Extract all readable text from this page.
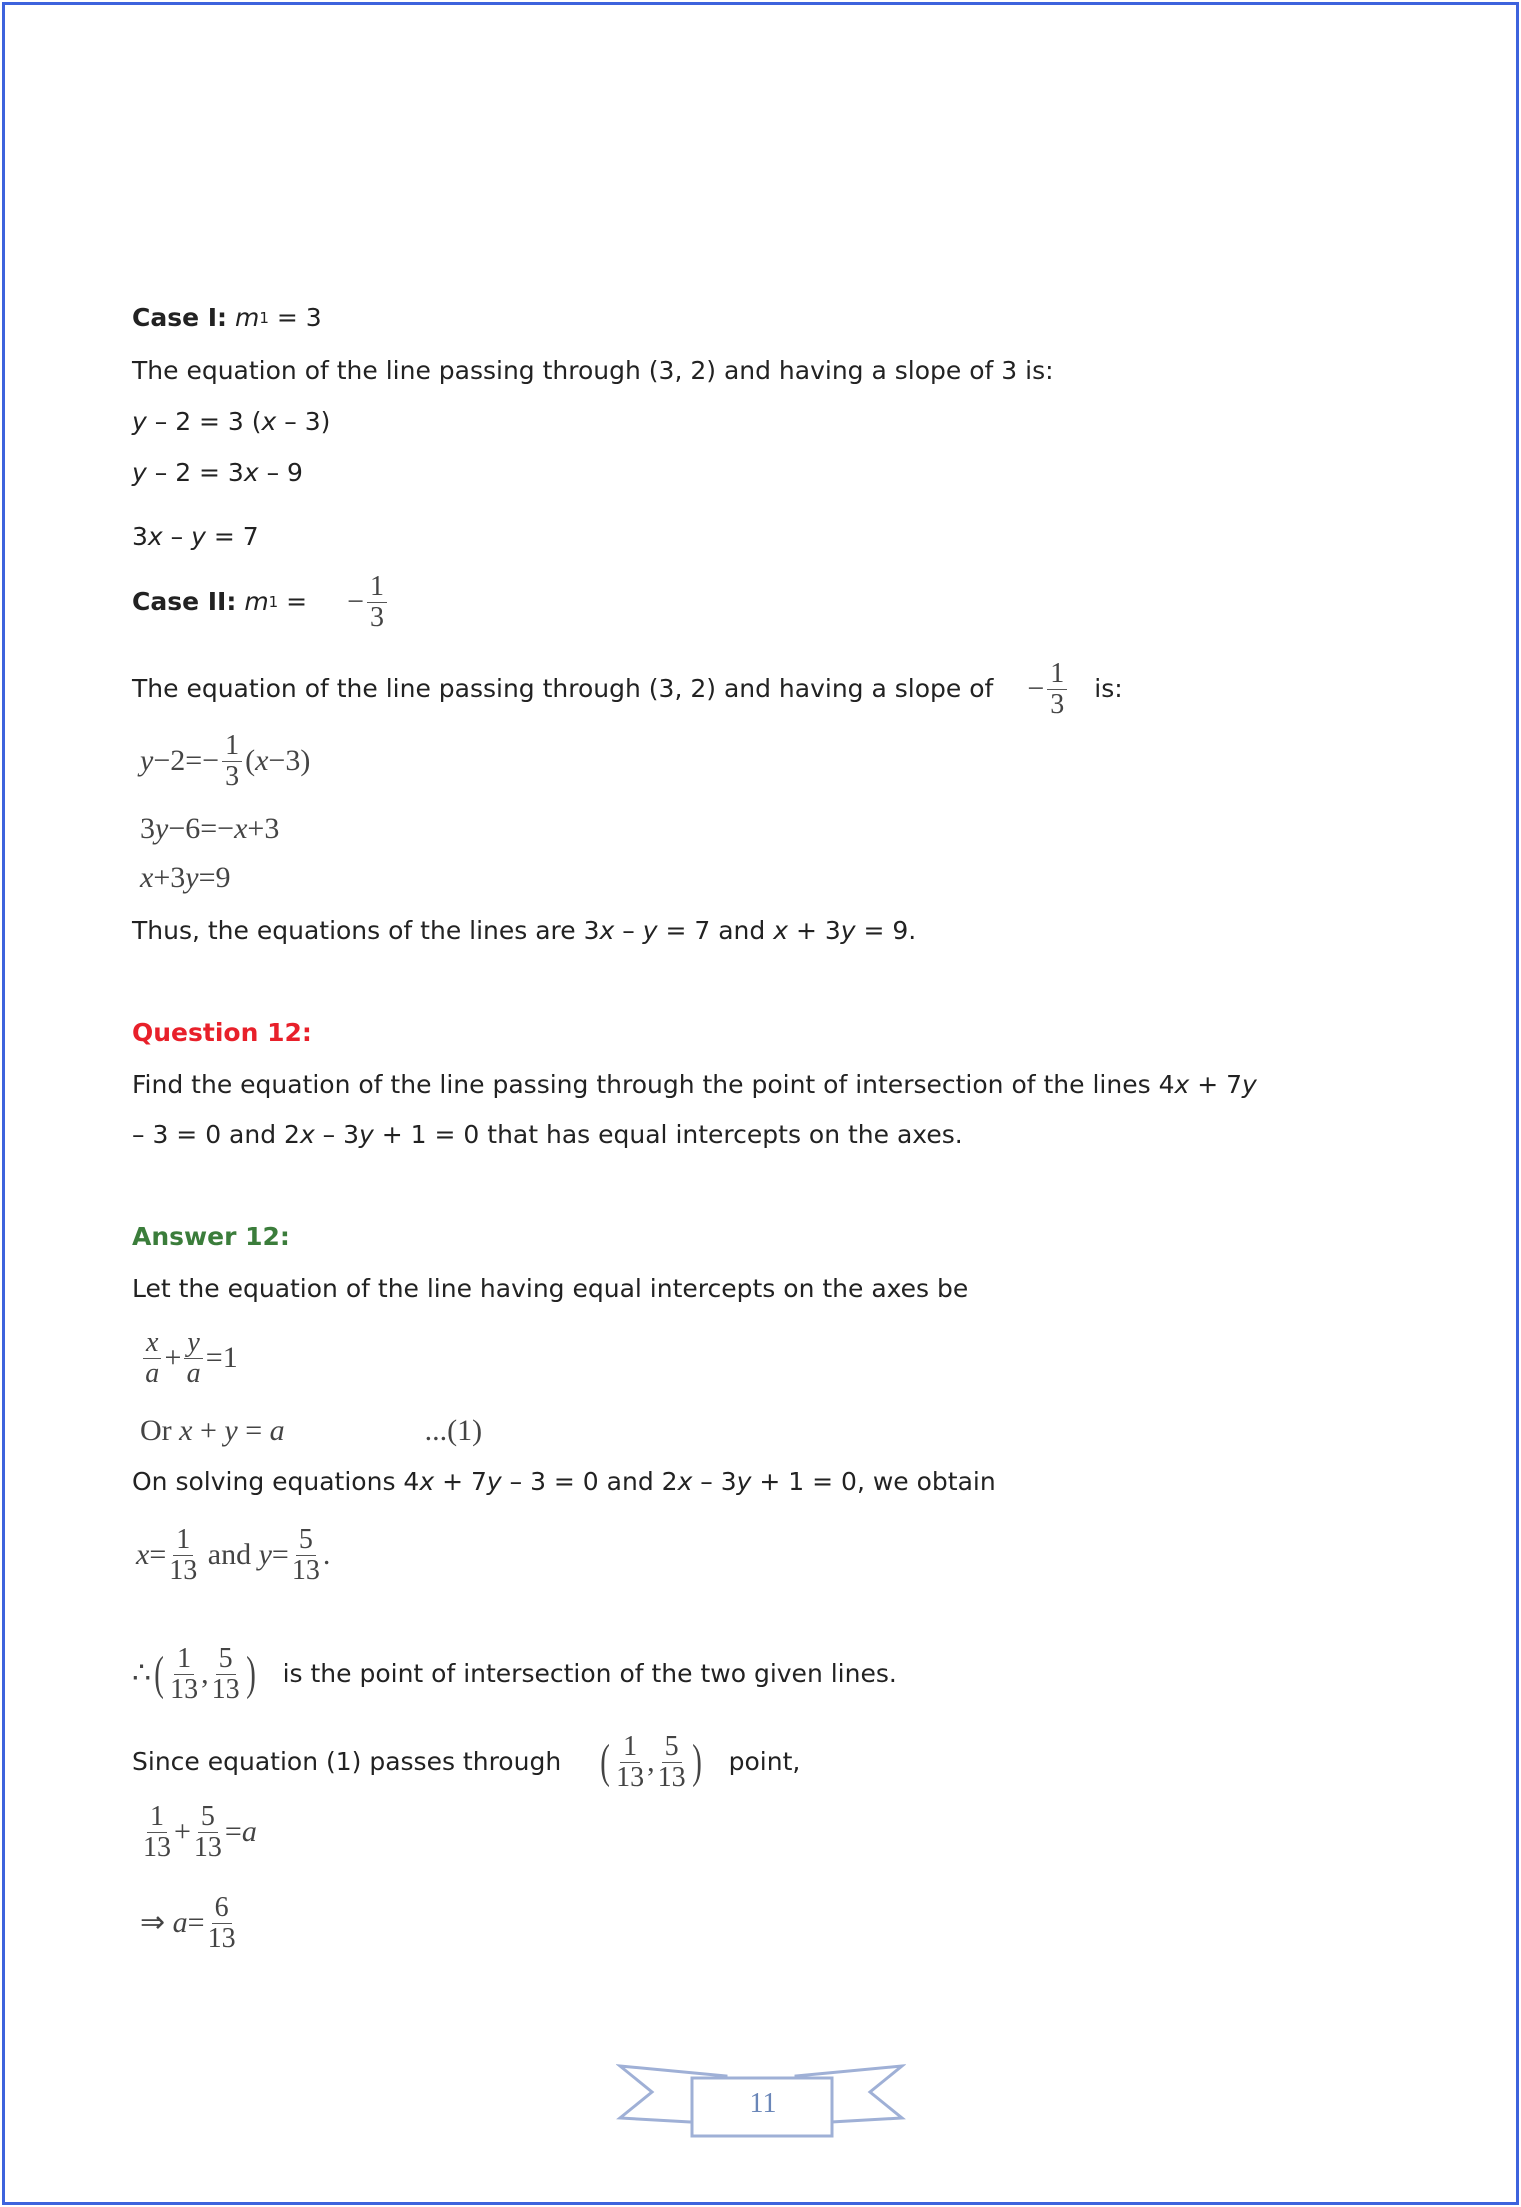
Case I:
m 1 = 3
The equation of the line passing through (3, 2) and having a slope of 3 is:
y – 2 = 3 ( x – 3)
y – 2 = 3 x – 9
3 x – y = 7
Case II:
m 1 = − $\frac{1}{3}$
The equation of the line passing through (3, 2) and having a slope of − $\frac{1}{3}$ is:
$y -2=- \frac{1}{3}$ ( x −3)
3 y −6=− x +3
x +3 y =9
Thus, the equations of the lines are 3 x – y = 7 and x + 3 y = 9.
Question 12:
Find the equation of the line passing through the point of intersection of the lines 4 x + 7 y
– 3 = 0 and 2 x – 3 y + 1 = 0 that has equal intercepts on the axes.
Answer 12:
Let the equation of the line having equal intercepts on the axes be
x
$a + \frac{y}{a} =1$
Or x + y = a	...(1)
On solving equations 4 x + 7 y – 3 = 0 and 2 x – 3 y + 1 = 0, we obtain
$x = \frac{1}{13}$ and $y = \frac{5}{13}$ .
∴ ( 1
13 , 5
13 ) is the point of intersection of the two given lines.
Since equation (1) passes through ( 1
13 , 5
13 ) point,
1
$13 + \frac{5}{13} = a$
⇒
$a = \frac{6}{13}$
11
